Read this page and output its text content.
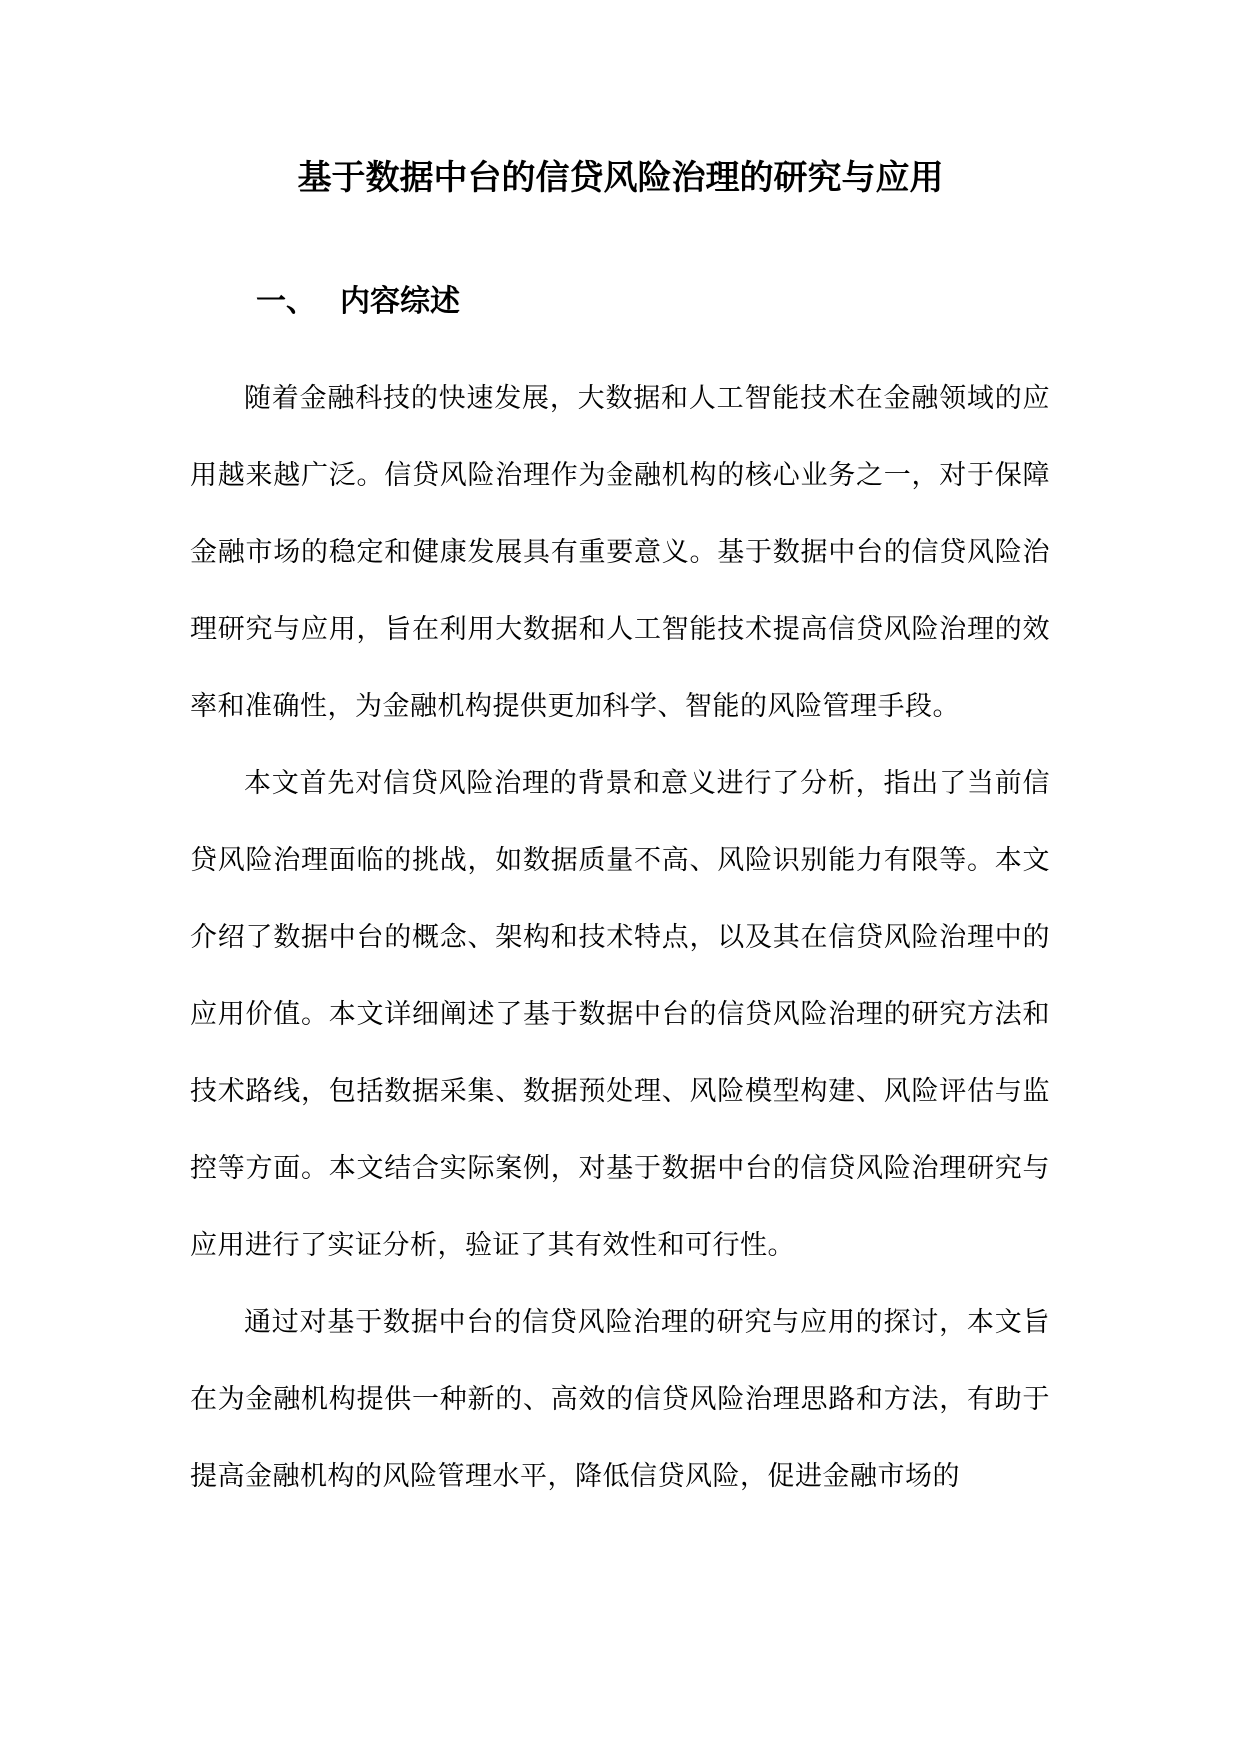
基于数据中台的信贷风险治理的研究与应用
一、 内容综述

随着金融科技的快速发展，大数据和人工智能技术在金融领域的应用越来越广泛。信贷风险治理作为金融机构的核心业务之一，对于保障金融市场的稳定和健康发展具有重要意义。基于数据中台的信贷风险治理研究与应用，旨在利用大数据和人工智能技术提高信贷风险治理的效率和准确性，为金融机构提供更加科学、智能的风险管理手段。

本文首先对信贷风险治理的背景和意义进行了分析，指出了当前信贷风险治理面临的挑战，如数据质量不高、风险识别能力有限等。本文介绍了数据中台的概念、架构和技术特点，以及其在信贷风险治理中的应用价值。本文详细阐述了基于数据中台的信贷风险治理的研究方法和技术路线，包括数据采集、数据预处理、风险模型构建、风险评估与监控等方面。本文结合实际案例，对基于数据中台的信贷风险治理研究与应用进行了实证分析，验证了其有效性和可行性。

通过对基于数据中台的信贷风险治理的研究与应用的探讨，本文旨在为金融机构提供一种新的、高效的信贷风险治理思路和方法，有助于提高金融机构的风险管理水平，降低信贷风险，促进金融市场的
